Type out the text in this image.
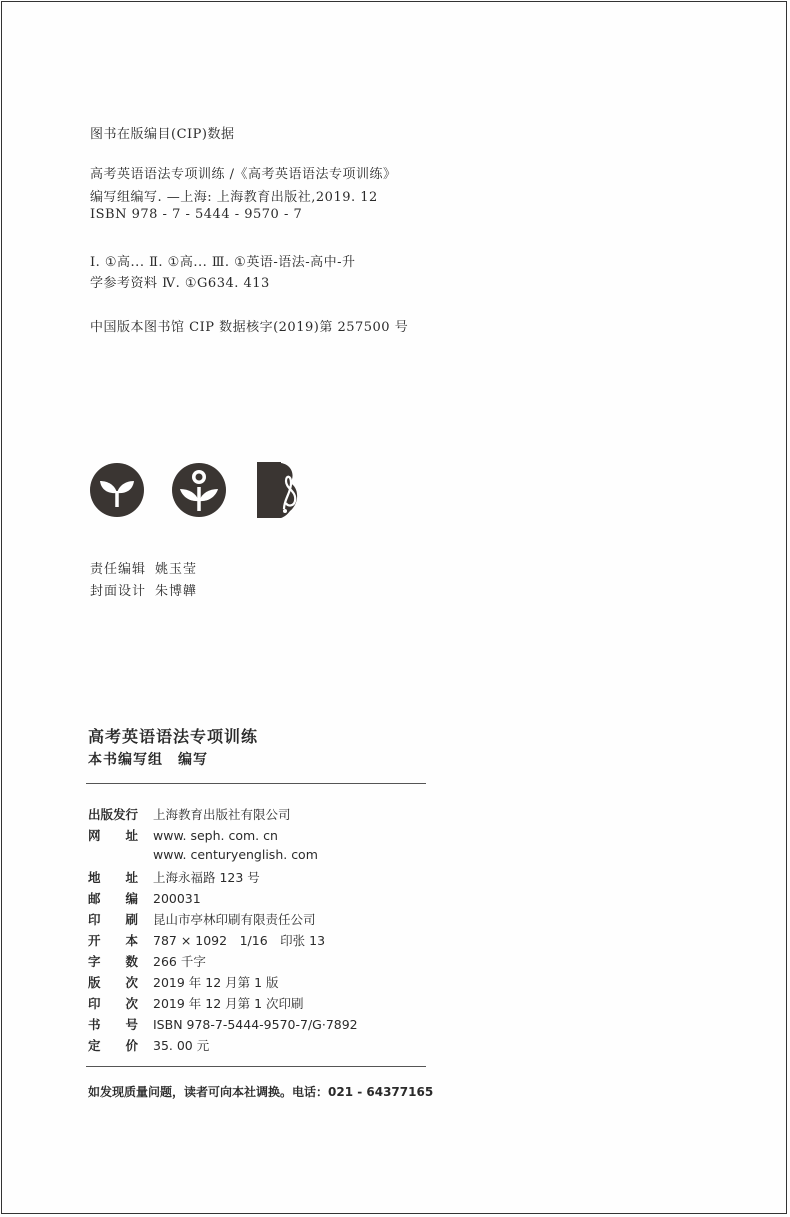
图书在版编目(CIP)数据
高考英语语法专项训练 /《高考英语语法专项训练》
编写组编写. —上海: 上海教育出版社,2019. 12
ISBN 978 - 7 - 5444 - 9570 - 7
Ⅰ. ①高... Ⅱ. ①高... Ⅲ. ①英语-语法-高中-升
学参考资料 Ⅳ. ①G634. 413
中国版本图书馆 CIP 数据核字(2019)第 257500 号
责任编辑 姚玉莹
封面设计 朱博韡
高考英语语法专项训练
本书编写组　编写
出版发行 上海教育出版社有限公司
网　　址 www. seph. com. cn
www. centuryenglish. com
地　　址 上海永福路 123 号
邮　　编 200031
印　　刷 昆山市亭林印刷有限责任公司
开　　本 787 × 1092　1/16　印张 13
字　　数 266 千字
版　　次 2019 年 12 月第 1 版
印　　次 2019 年 12 月第 1 次印刷
书　　号 ISBN 978-7-5444-9570-7/G·7892
定　　价 35. 00 元
如发现质量问题，读者可向本社调换。电话：021 - 64377165
